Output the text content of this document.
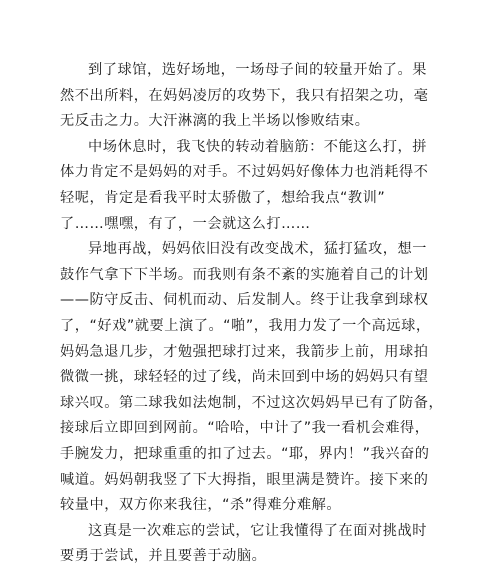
到了球馆，选好场地，一场母子间的较量开始了。果
然不出所料，在妈妈凌厉的攻势下，我只有招架之功，毫
无反击之力。大汗淋漓的我上半场以惨败结束。
中场休息时，我飞快的转动着脑筋：不能这么打，拼
体力肯定不是妈妈的对手。不过妈妈好像体力也消耗得不
轻呢，肯定是看我平时太骄傲了，想给我点“教训”
了……嘿嘿，有了，一会就这么打……
异地再战，妈妈依旧没有改变战术，猛打猛攻，想一
鼓作气拿下下半场。而我则有条不紊的实施着自己的计划
——防守反击、伺机而动、后发制人。终于让我拿到球权
了，“好戏”就要上演了。“啪”，我用力发了一个高远球，
妈妈急退几步，才勉强把球打过来，我箭步上前，用球拍
微微一挑，球轻轻的过了线，尚未回到中场的妈妈只有望
球兴叹。第二球我如法炮制，不过这次妈妈早已有了防备，
接球后立即回到网前。“哈哈，中计了”我一看机会难得，
手腕发力，把球重重的扣了过去。“耶，界内！”我兴奋的
喊道。妈妈朝我竖了下大拇指，眼里满是赞许。接下来的
较量中，双方你来我往，“杀”得难分难解。
这真是一次难忘的尝试，它让我懂得了在面对挑战时
要勇于尝试，并且要善于动脑。
